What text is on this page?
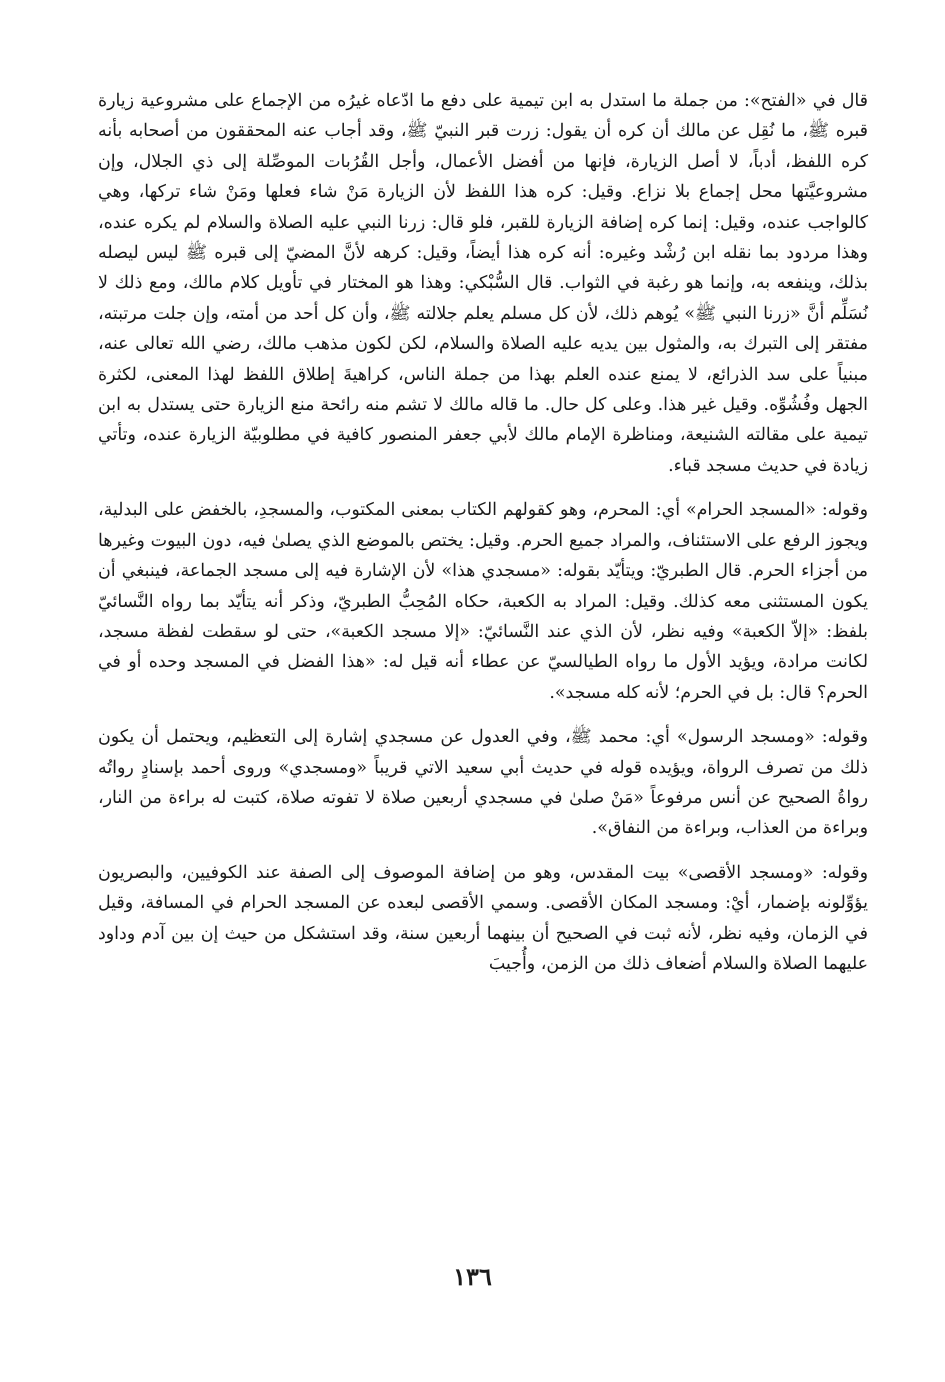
قال في «الفتح»: من جملة ما استدل به ابن تيمية على دفع ما ادّعاه غيرُه من الإجماع على مشروعية زيارة قبره ﷺ، ما نُقِل عن مالك أن كره أن يقول: زرت قبر النبيّ ﷺ، وقد أجاب عنه المحققون من أصحابه بأنه كره اللفظ، أدباً، لا أصل الزيارة، فإنها من أفضل الأعمال، وأجل القُرُبات الموصِّلة إلى ذي الجلال، وإن مشروعيَّتها محل إجماع بلا نزاع. وقيل: كره هذا اللفظ لأن الزيارة مَنْ شاء فعلها ومَنْ شاء تركها، وهي كالواجب عنده، وقيل: إنما كره إضافة الزيارة للقبر، فلو قال: زرنا النبي عليه الصلاة والسلام لم يكره عنده، وهذا مردود بما نقله ابن رُشْد وغيره: أنه كره هذا أيضاً، وقيل: كرهه لأنَّ المضيّ إلى قبره ﷺ ليس ليصله بذلك، وينفعه به، وإنما هو رغبة في الثواب. قال السُّبْكي: وهذا هو المختار في تأويل كلام مالك، ومع ذلك لا نُسَلِّم أنَّ «زرنا النبي ﷺ» يُوهم ذلك، لأن كل مسلم يعلم جلالته ﷺ، وأن كل أحد من أمته، وإن جلت مرتبته، مفتقر إلى التبرك به، والمثول بين يديه عليه الصلاة والسلام، لكن لكون مذهب مالك، رضي الله تعالى عنه، مبنياً على سد الذرائع، لا يمنع عنده العلم بهذا من جملة الناس، كراهيةَ إطلاق اللفظ لهذا المعنى، لكثرة الجهل وفُشُوِّه. وقيل غير هذا. وعلى كل حال. ما قاله مالك لا تشم منه رائحة منع الزيارة حتى يستدل به ابن تيمية على مقالته الشنيعة، ومناظرة الإمام مالك لأبي جعفر المنصور كافية في مطلوبيّة الزيارة عنده، وتأتي زيادة في حديث مسجد قباء.

وقوله: «المسجد الحرام» أي: المحرم، وهو كقولهم الكتاب بمعنى المكتوب، والمسجدِ، بالخفض على البدلية، ويجوز الرفع على الاستئناف، والمراد جميع الحرم. وقيل: يختص بالموضع الذي يصلىٰ فيه، دون البيوت وغيرها من أجزاء الحرم. قال الطبريّ: ويتأيّد بقوله: «مسجدي هذا» لأن الإشارة فيه إلى مسجد الجماعة، فينبغي أن يكون المستثنى معه كذلك. وقيل: المراد به الكعبة، حكاه المُحِبُّ الطبريّ، وذكر أنه يتأيّد بما رواه النَّسائيّ بلفظ: «إلاّ الكعبة» وفيه نظر، لأن الذي عند النَّسائيّ: «إلا مسجد الكعبة»، حتى لو سقطت لفظة مسجد، لكانت مرادة، ويؤيد الأول ما رواه الطيالسيّ عن عطاء أنه قيل له: «هذا الفضل في المسجد وحده أو في الحرم؟ قال: بل في الحرم؛ لأنه كله مسجد».

وقوله: «ومسجد الرسول» أي: محمد ﷺ، وفي العدول عن مسجدي إشارة إلى التعظيم، ويحتمل أن يكون ذلك من تصرف الرواة، ويؤيده قوله في حديث أبي سعيد الاتي قريباً «ومسجدي» وروى أحمد بإسنادٍ رواتُه رواةُ الصحيح عن أنس مرفوعاً «مَنْ صلىٰ في مسجدي أربعين صلاة لا تفوته صلاة، كتبت له براءة من النار، وبراءة من العذاب، وبراءة من النفاق».

وقوله: «ومسجد الأقصى» بيت المقدس، وهو من إضافة الموصوف إلى الصفة عند الكوفيين، والبصريون يؤوِّلونه بإضمار، أيْ: ومسجد المكان الأقصى. وسمي الأقصى لبعده عن المسجد الحرام في المسافة، وقيل في الزمان، وفيه نظر، لأنه ثبت في الصحيح أن بينهما أربعين سنة، وقد استشكل من حيث إن بين آدم وداود عليهما الصلاة والسلام أضعاف ذلك من الزمن، وأُجيبَ

١٣٦
